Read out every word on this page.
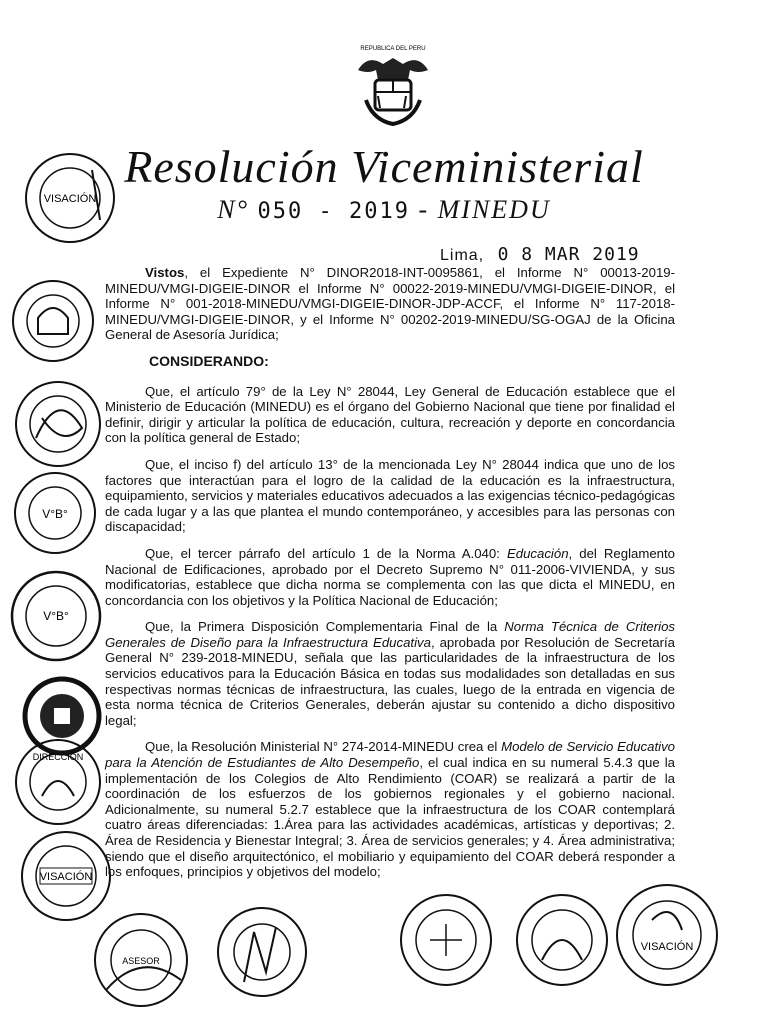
REPUBLICA DEL PERU
Resolución Viceministerial
N° 050 - 2019 - MINEDU
Lima, 0 8 MAR 2019

Vistos, el Expediente N° DINOR2018-INT-0095861, el Informe N° 00013-2019-MINEDU/VMGI-DIGEIE-DINOR el Informe N° 00022-2019-MINEDU/VMGI-DIGEIE-DINOR, el Informe N° 001-2018-MINEDU/VMGI-DIGEIE-DINOR-JDP-ACCF, el Informe N° 117-2018-MINEDU/VMGI-DIGEIE-DINOR, y el Informe N° 00202-2019-MINEDU/SG-OGAJ de la Oficina General de Asesoría Jurídica;

CONSIDERANDO:

Que, el artículo 79° de la Ley N° 28044, Ley General de Educación establece que el Ministerio de Educación (MINEDU) es el órgano del Gobierno Nacional que tiene por finalidad el definir, dirigir y articular la política de educación, cultura, recreación y deporte en concordancia con la política general de Estado;

Que, el inciso f) del artículo 13° de la mencionada Ley N° 28044 indica que uno de los factores que interactúan para el logro de la calidad de la educación es la infraestructura, equipamiento, servicios y materiales educativos adecuados a las exigencias técnico-pedagógicas de cada lugar y a las que plantea el mundo contemporáneo, y accesibles para las personas con discapacidad;

Que, el tercer párrafo del artículo 1 de la Norma A.040: Educación, del Reglamento Nacional de Edificaciones, aprobado por el Decreto Supremo N° 011-2006-VIVIENDA, y sus modificatorias, establece que dicha norma se complementa con las que dicta el MINEDU, en concordancia con los objetivos y la Política Nacional de Educación;

Que, la Primera Disposición Complementaria Final de la Norma Técnica de Criterios Generales de Diseño para la Infraestructura Educativa, aprobada por Resolución de Secretaría General N° 239-2018-MINEDU, señala que las particularidades de la infraestructura de los servicios educativos para la Educación Básica en todas sus modalidades son detalladas en sus respectivas normas técnicas de infraestructura, las cuales, luego de la entrada en vigencia de esta norma técnica de Criterios Generales, deberán ajustar su contenido a dicho dispositivo legal;

Que, la Resolución Ministerial N° 274-2014-MINEDU crea el Modelo de Servicio Educativo para la Atención de Estudiantes de Alto Desempeño, el cual indica en su numeral 5.4.3 que la implementación de los Colegios de Alto Rendimiento (COAR) se realizará a partir de la coordinación de los esfuerzos de los gobiernos regionales y el gobierno nacional. Adicionalmente, su numeral 5.2.7 establece que la infraestructura de los COAR contemplará cuatro áreas diferenciadas: 1.Área para las actividades académicas, artísticas y deportivas; 2. Área de Residencia y Bienestar Integral; 3. Área de servicios generales; y 4. Área administrativa; siendo que el diseño arquitectónico, el mobiliario y equipamiento del COAR deberá responder a los enfoques, principios y objetivos del modelo;

VISACIÓN
V°B°
V°B°
DIRECCIÓN
VISACIÓN
ASESOR
VISACIÓN
